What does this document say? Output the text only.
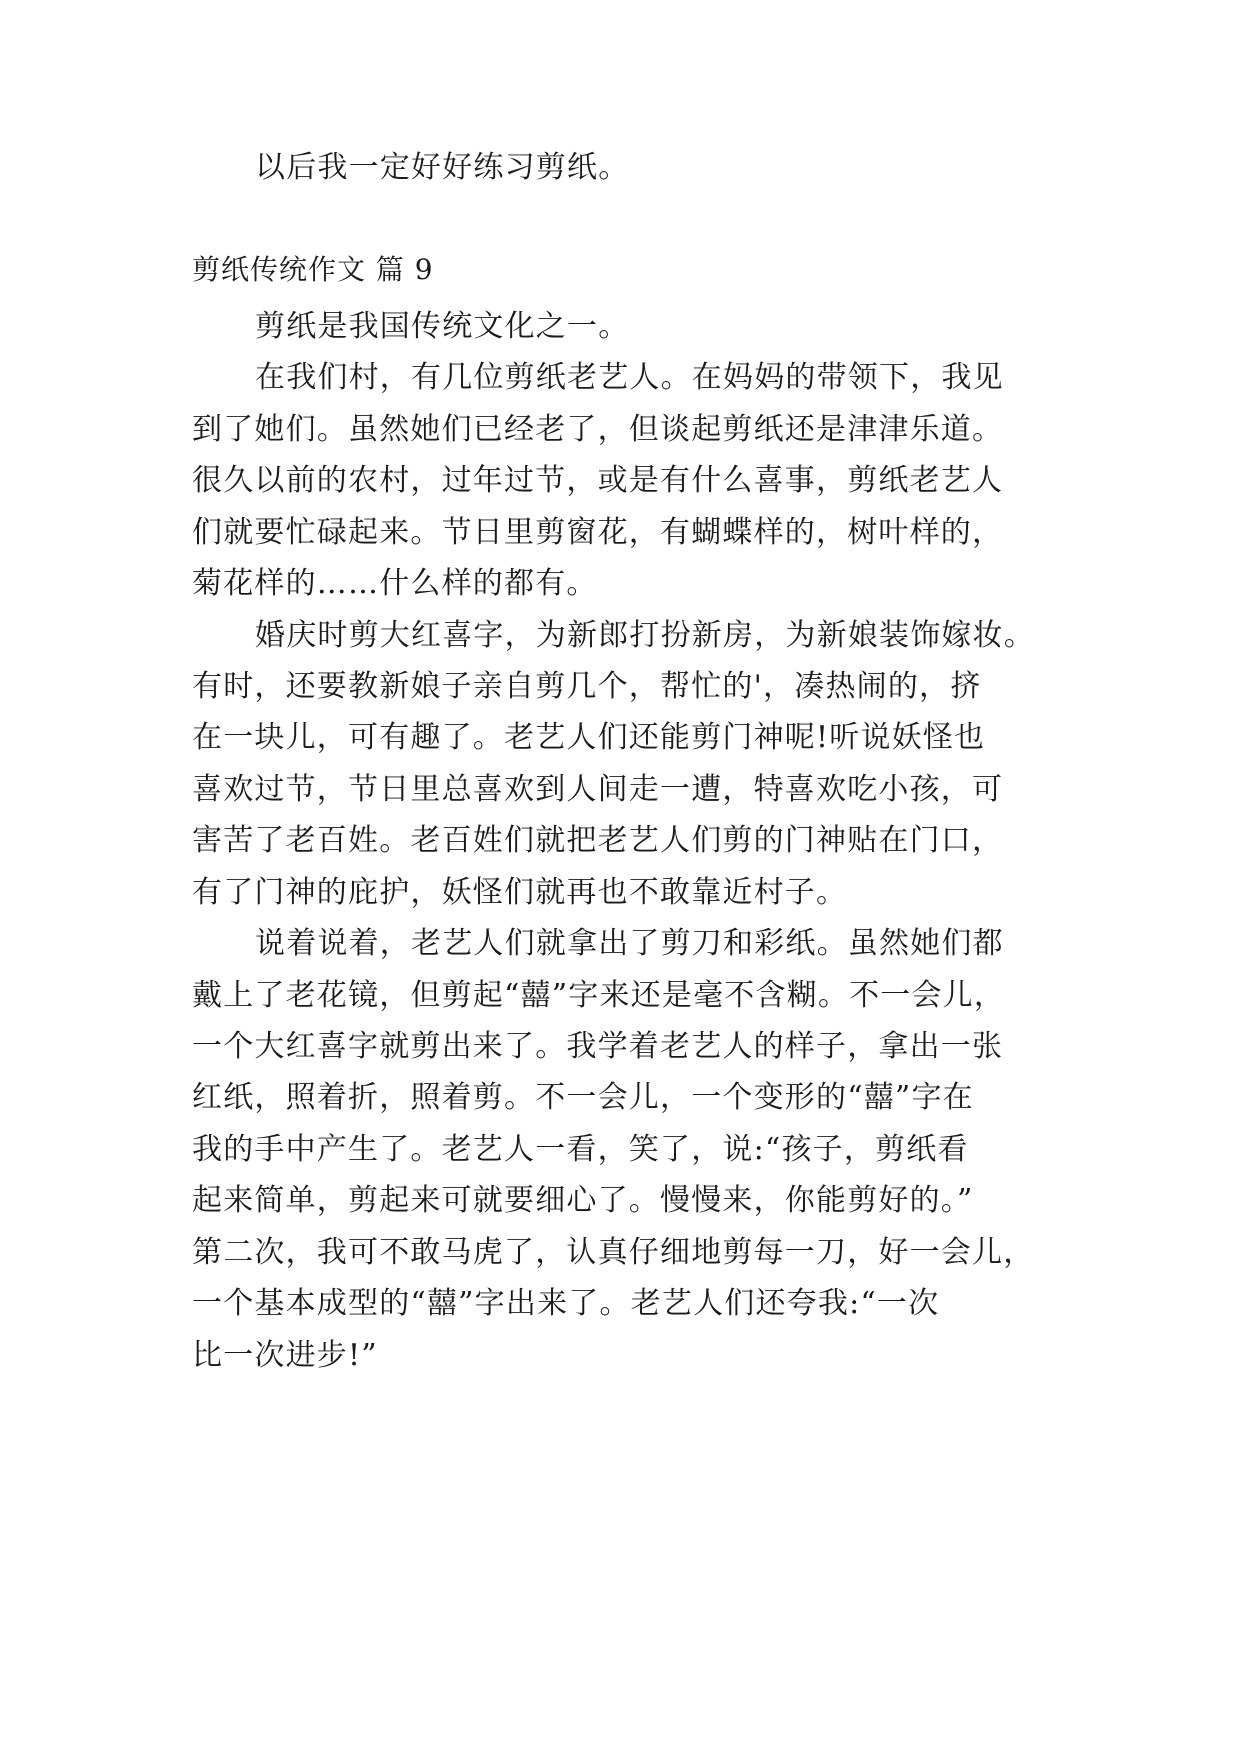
以后我一定好好练习剪纸。
剪纸传统作文 篇 9
剪纸是我国传统文化之一。
在我们村，有几位剪纸老艺人。在妈妈的带领下，我见
到了她们。虽然她们已经老了，但谈起剪纸还是津津乐道。
很久以前的农村，过年过节，或是有什么喜事，剪纸老艺人
们就要忙碌起来。节日里剪窗花，有蝴蝶样的，树叶样的，
菊花样的……什么样的都有。
婚庆时剪大红喜字，为新郎打扮新房，为新娘装饰嫁妆。
有时，还要教新娘子亲自剪几个，帮忙的'，凑热闹的，挤
在一块儿，可有趣了。老艺人们还能剪门神呢!听说妖怪也
喜欢过节，节日里总喜欢到人间走一遭，特喜欢吃小孩，可
害苦了老百姓。老百姓们就把老艺人们剪的门神贴在门口，
有了门神的庇护，妖怪们就再也不敢靠近村子。
说着说着，老艺人们就拿出了剪刀和彩纸。虽然她们都
戴上了老花镜，但剪起“囍”字来还是毫不含糊。不一会儿，
一个大红喜字就剪出来了。我学着老艺人的样子，拿出一张
红纸，照着折，照着剪。不一会儿，一个变形的“囍”字在
我的手中产生了。老艺人一看，笑了，说:“孩子，剪纸看
起来简单，剪起来可就要细心了。慢慢来，你能剪好的。”
第二次，我可不敢马虎了，认真仔细地剪每一刀，好一会儿，
一个基本成型的“囍”字出来了。老艺人们还夸我:“一次
比一次进步!”
